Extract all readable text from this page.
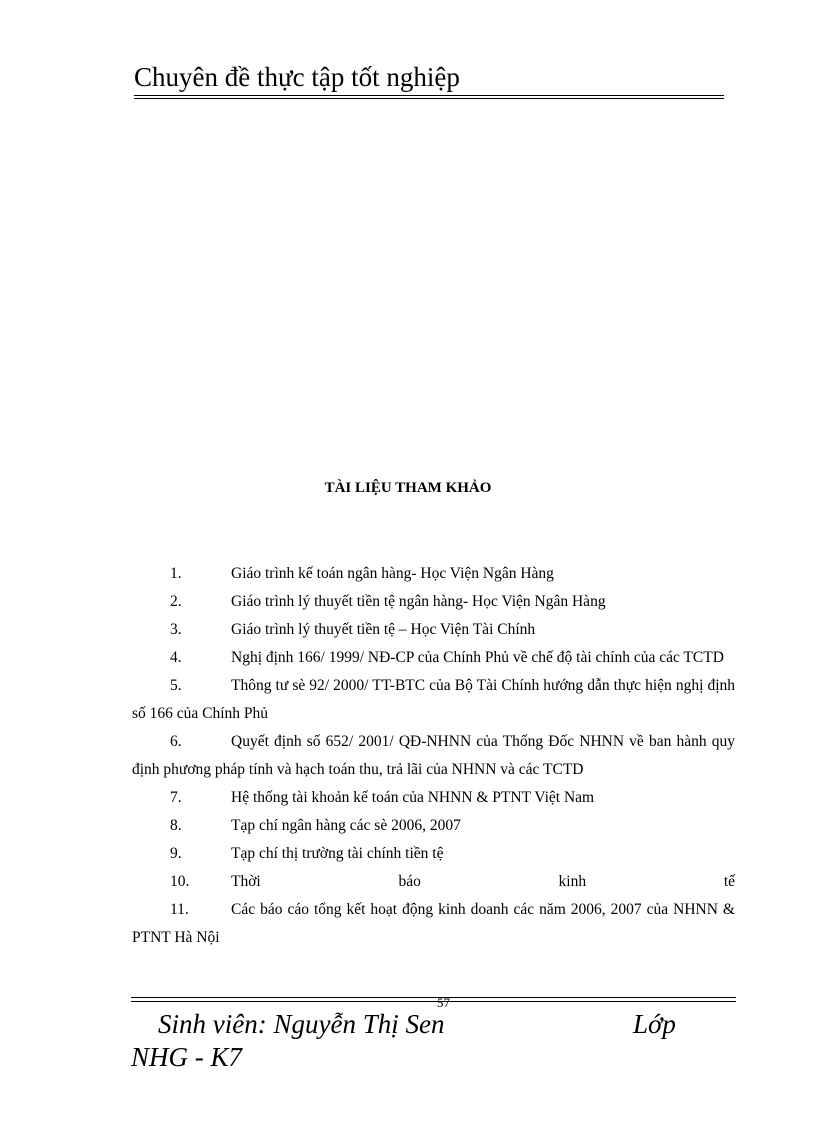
Chuyên đề thực tập tốt nghiệp
TÀI LIỆU THAM KHẢO
1.	Giáo trình kế toán ngân hàng- Học Viện Ngân Hàng
2.	Giáo trình lý thuyết tiền tệ ngân hàng- Học Viện Ngân Hàng
3.	Giáo trình lý thuyết tiền tệ – Học Viện Tài Chính
4.	Nghị định 166/ 1999/ NĐ-CP của Chính Phủ về chế độ tài chính của các TCTD
5.	Thông tư sè 92/ 2000/ TT-BTC của Bộ Tài Chính hướng dẫn thực hiện nghị định số 166 của Chính Phủ
6.	Quyết định số 652/ 2001/ QĐ-NHNN của Thống Đốc NHNN về ban hành quy định phương pháp tính và hạch toán thu, trả lãi của NHNN và các TCTD
7.	Hệ thống tài khoản kế toán của NHNN & PTNT Việt Nam
8.	Tạp chí ngân hàng các sè 2006, 2007
9.	Tạp chí thị trường tài chính tiền tệ
10.	Thời báo kinh tế
11.	Các báo cáo tổng kết hoạt động kinh doanh các năm 2006, 2007 của NHNN & PTNT Hà Nội
57
Sinh viên: Nguyễn Thị Sen	Lớp
NHG - K7
